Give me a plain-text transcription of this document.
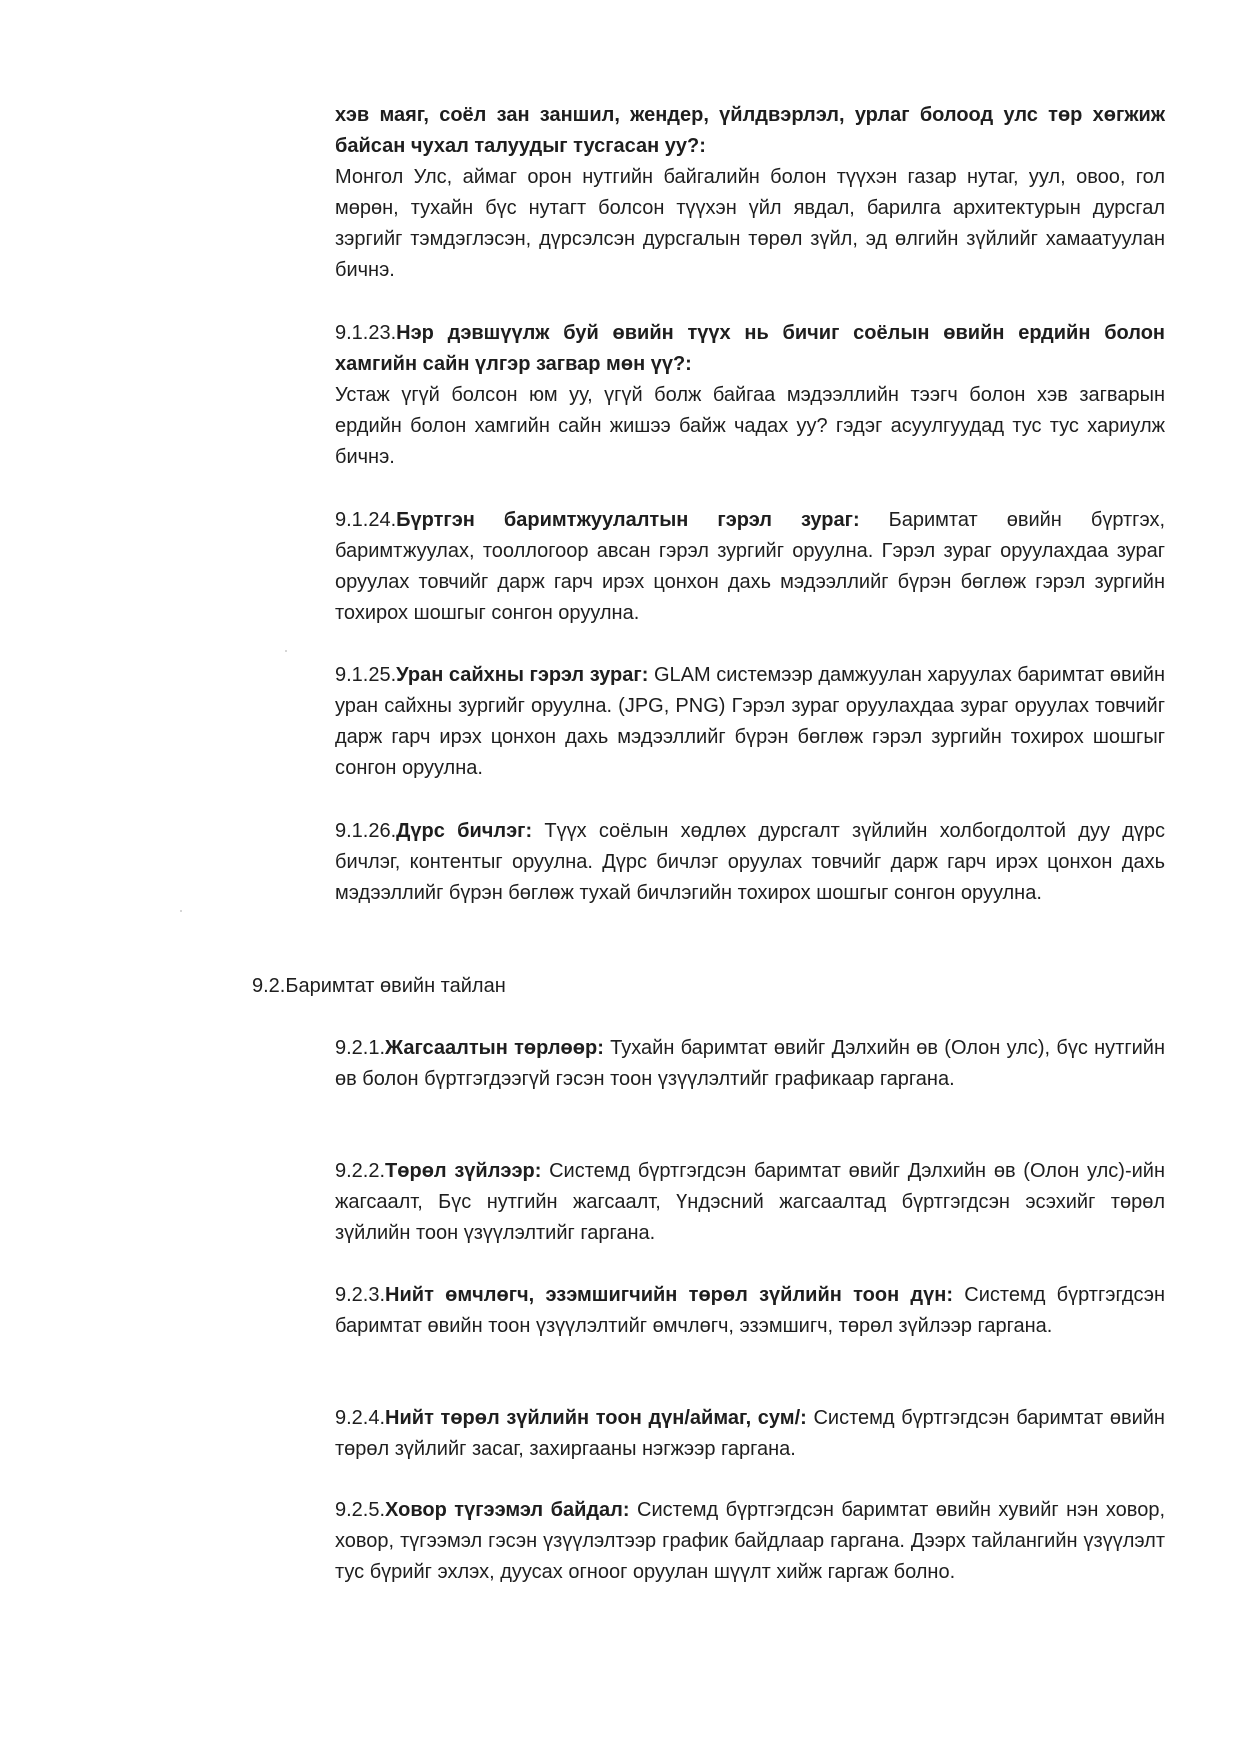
хэв маяг, соёл зан заншил, жендер, үйлдвэрлэл, урлаг болоод улс төр хөгжиж байсан чухал талуудыг тусгасан уу?:
Монгол Улс, аймаг орон нутгийн байгалийн болон түүхэн газар нутаг, уул, овоо, гол мөрөн, тухайн бүс нутагт болсон түүхэн үйл явдал, барилга архитектурын дурсгал зэргийг тэмдэглэсэн, дүрсэлсэн дурсгалын төрөл зүйл, эд өлгийн зүйлийг хамаатуулан бичнэ.

9.1.23.Нэр дэвшүүлж буй өвийн түүх нь бичиг соёлын өвийн ердийн болон хамгийн сайн үлгэр загвар мөн үү?:
Устаж үгүй болсон юм уу, үгүй болж байгаа мэдээллийн тээгч болон хэв загварын ердийн болон хамгийн сайн жишээ байж чадах уу? гэдэг асуулгуудад тус тус хариулж бичнэ.

9.1.24.Бүртгэн баримтжуулалтын гэрэл зураг: Баримтат өвийн бүртгэх, баримтжуулах, тооллогоор авсан гэрэл зургийг оруулна. Гэрэл зураг оруулахдаа зураг оруулах товчийг дарж гарч ирэх цонхон дахь мэдээллийг бүрэн бөглөж гэрэл зургийн тохирох шошгыг сонгон оруулна.

9.1.25.Уран сайхны гэрэл зураг: GLAM системээр дамжуулан харуулах баримтат өвийн уран сайхны зургийг оруулна. (JPG, PNG) Гэрэл зураг оруулахдаа зураг оруулах товчийг дарж гарч ирэх цонхон дахь мэдээллийг бүрэн бөглөж гэрэл зургийн тохирох шошгыг сонгон оруулна.

9.1.26.Дүрс бичлэг: Түүх соёлын хөдлөх дурсгалт зүйлийн холбогдолтой дуу дүрс бичлэг, контентыг оруулна. Дүрс бичлэг оруулах товчийг дарж гарч ирэх цонхон дахь мэдээллийг бүрэн бөглөж тухай бичлэгийн тохирох шошгыг сонгон оруулна.

9.2.Баримтат өвийн тайлан

9.2.1.Жагсаалтын төрлөөр: Тухайн баримтат өвийг Дэлхийн өв (Олон улс), бүс нутгийн өв болон бүртгэгдээгүй гэсэн тоон үзүүлэлтийг графикаар гаргана.

9.2.2.Төрөл зүйлээр: Системд бүртгэгдсэн баримтат өвийг Дэлхийн өв (Олон улс)-ийн жагсаалт, Бүс нутгийн жагсаалт, Үндэсний жагсаалтад бүртгэгдсэн эсэхийг төрөл зүйлийн тоон үзүүлэлтийг гаргана.

9.2.3.Нийт өмчлөгч, эзэмшигчийн төрөл зүйлийн тоон дүн: Системд бүртгэгдсэн баримтат өвийн тоон үзүүлэлтийг өмчлөгч, эзэмшигч, төрөл зүйлээр гаргана.

9.2.4.Нийт төрөл зүйлийн тоон дүн/аймаг, сум/: Системд бүртгэгдсэн баримтат өвийн төрөл зүйлийг засаг, захиргааны нэгжээр гаргана.

9.2.5.Ховор түгээмэл байдал: Системд бүртгэгдсэн баримтат өвийн хувийг нэн ховор, ховор, түгээмэл гэсэн үзүүлэлтээр график байдлаар гаргана. Дээрх тайлангийн үзүүлэлт тус бүрийг эхлэх, дуусах огноог оруулан шүүлт хийж гаргаж болно.
